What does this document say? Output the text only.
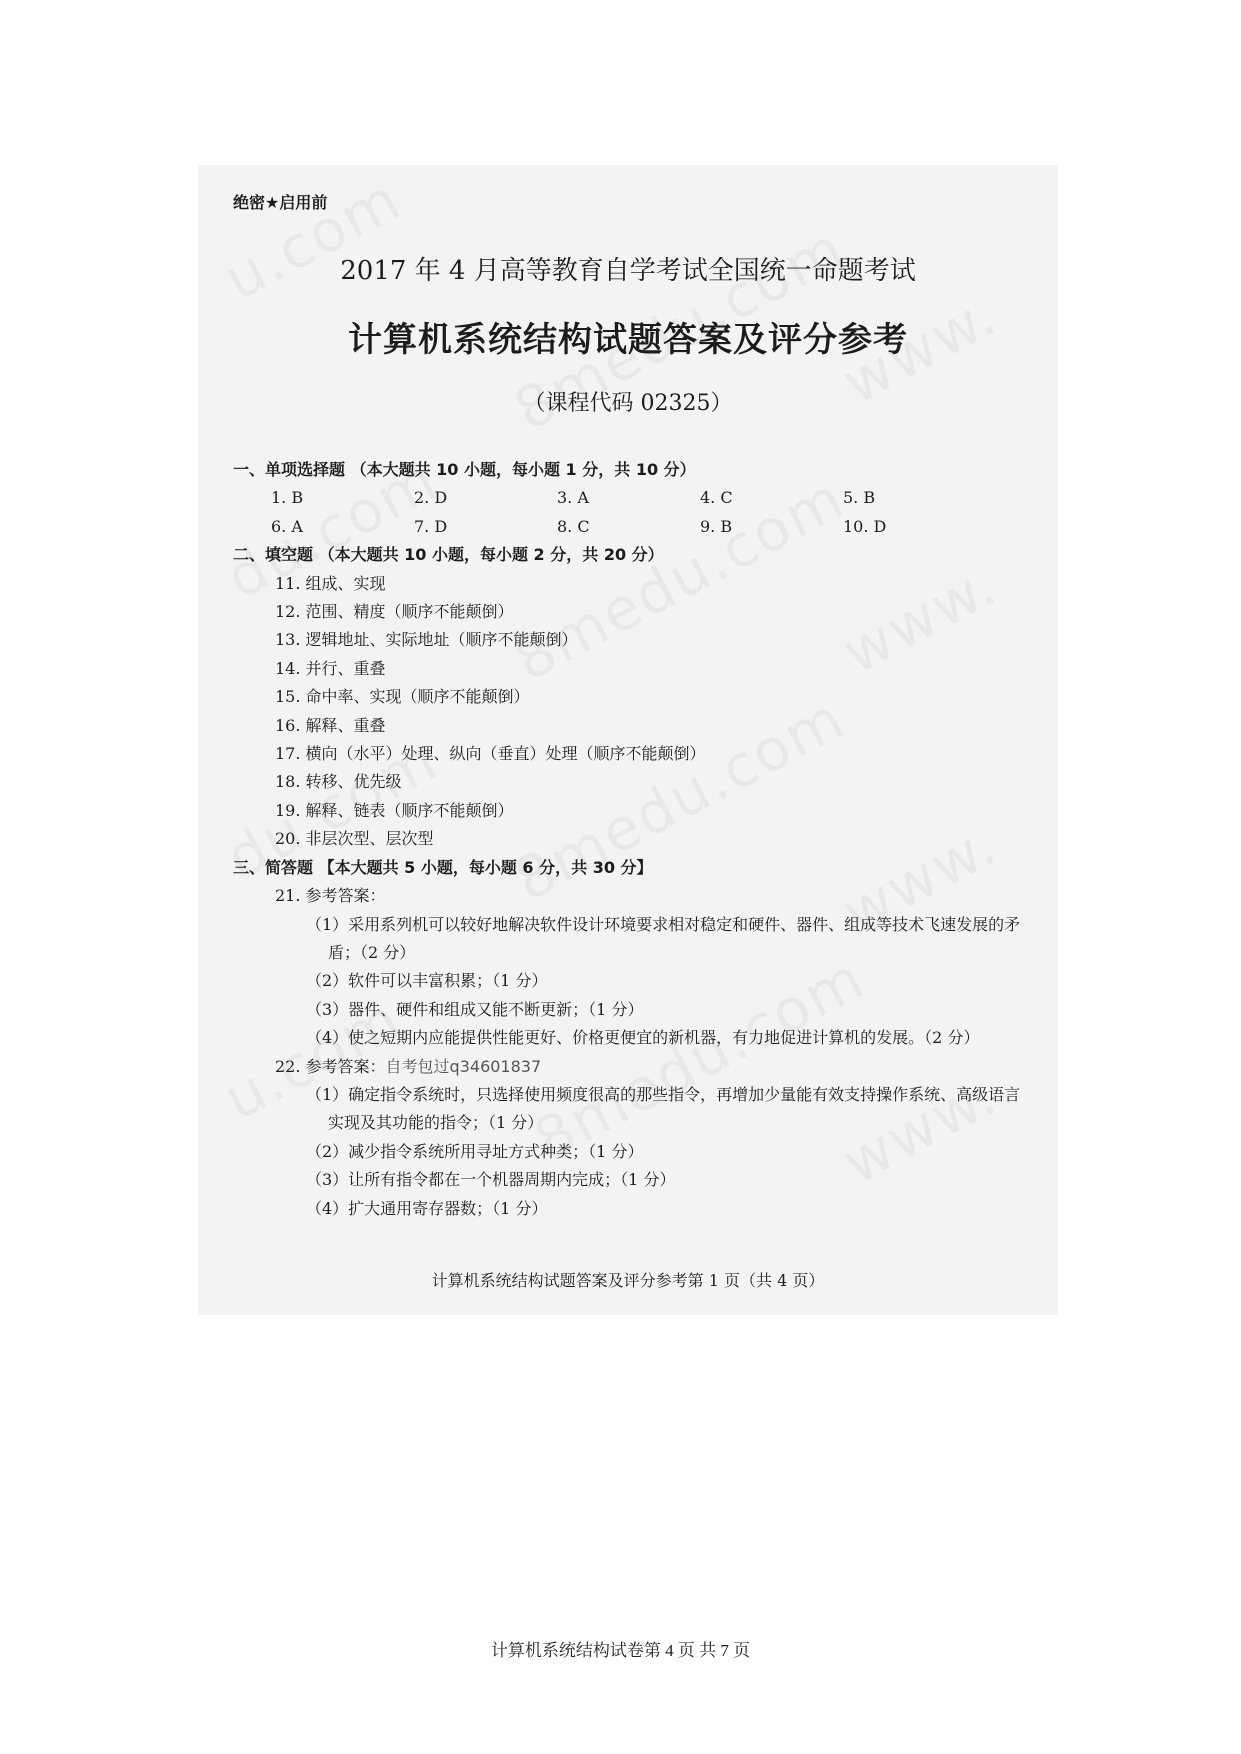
绝密★启用前
2017 年 4 月高等教育自学考试全国统一命题考试
计算机系统结构试题答案及评分参考
（课程代码 02325）
一、单项选择题 （本大题共 10 小题，每小题 1 分，共 10 分）
1. B	2. D	3. A	4. C	5. B
6. A	7. D	8. C	9. B	10. D
二、填空题 （本大题共 10 小题，每小题 2 分，共 20 分）
11. 组成、实现
12. 范围、精度（顺序不能颠倒）
13. 逻辑地址、实际地址（顺序不能颠倒）
14. 并行、重叠
15. 命中率、实现（顺序不能颠倒）
16. 解释、重叠
17. 横向（水平）处理、纵向（垂直）处理（顺序不能颠倒）
18. 转移、优先级
19. 解释、链表（顺序不能颠倒）
20. 非层次型、层次型
三、简答题 【本大题共 5 小题，每小题 6 分，共 30 分】
21. 参考答案：
（1）采用系列机可以较好地解决软件设计环境要求相对稳定和硬件、器件、组成等技术飞速发展的矛盾；（2 分）
（2）软件可以丰富积累；（1 分）
（3）器件、硬件和组成又能不断更新；（1 分）
（4）使之短期内应能提供性能更好、价格更便宜的新机器，有力地促进计算机的发展。（2 分）
22. 参考答案：自考包过q34601837
（1）确定指令系统时，只选择使用频度很高的那些指令，再增加少量能有效支持操作系统、高级语言实现及其功能的指令；（1 分）
（2）减少指令系统所用寻址方式种类；（1 分）
（3）让所有指令都在一个机器周期内完成；（1 分）
（4）扩大通用寄存器数；（1 分）
计算机系统结构试题答案及评分参考第 1 页（共 4 页）
计算机系统结构试卷第 4 页 共 7 页
